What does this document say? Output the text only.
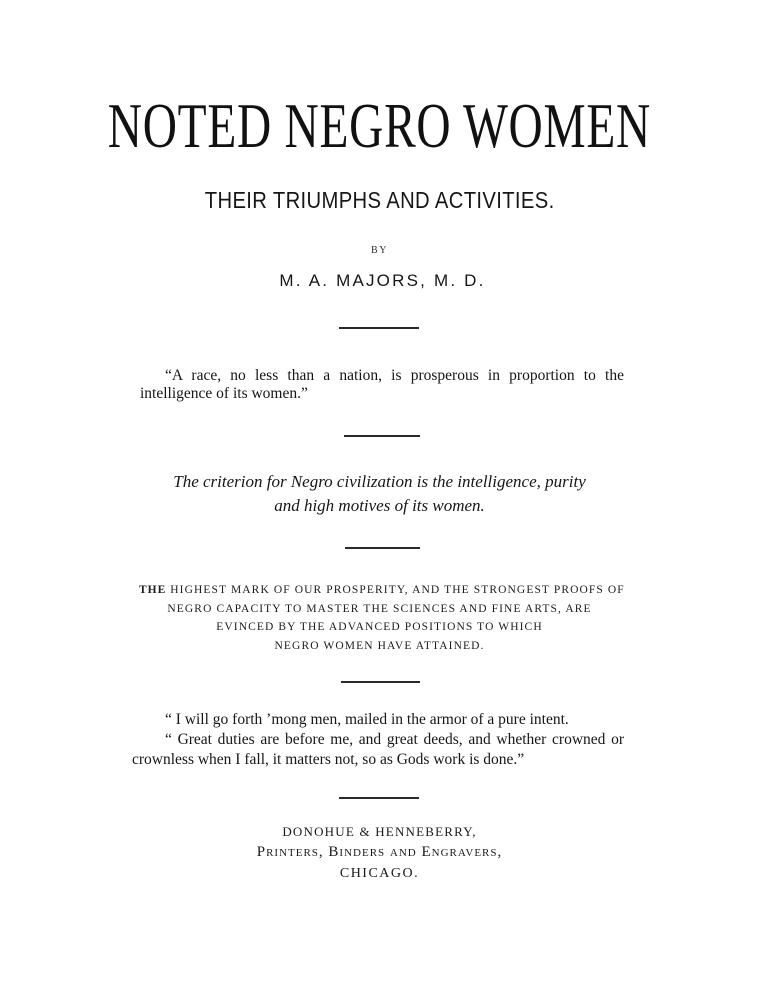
NOTED NEGRO WOMEN
THEIR TRIUMPHS AND ACTIVITIES.
BY
M. A. MAJORS, M. D.
“A race, no less than a nation, is prosperous in proportion to the
intelligence of its women.”
The criterion for Negro civilization is the intelligence, purity
and high motives of its women.
THE HIGHEST MARK OF OUR PROSPERITY, AND THE STRONGEST PROOFS OF
NEGRO CAPACITY TO MASTER THE SCIENCES AND FINE ARTS, ARE
EVINCED BY THE ADVANCED POSITIONS TO WHICH
NEGRO WOMEN HAVE ATTAINED.
“ I will go forth ’mong men, mailed in the armor of a pure intent.
“ Great duties are before me, and great deeds, and whether crowned or
crownless when I fall, it matters not, so as Gods work is done.”
DONOHUE & HENNEBERRY,
Printers, Binders and Engravers,
CHICAGO.
